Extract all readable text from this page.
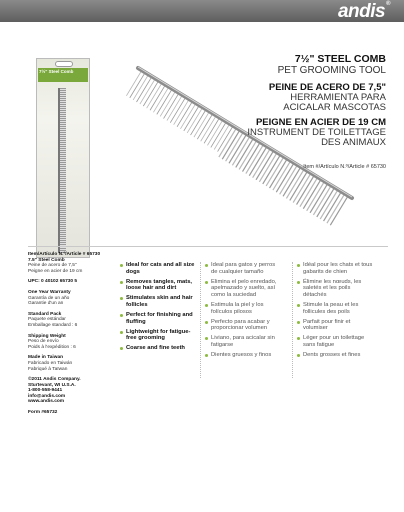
andis®
7½" Steel Comb
7½" STEEL COMB
PET GROOMING TOOL
PEINE DE ACERO DE 7,5"
HERRAMIENTA PARA
ACICALAR MASCOTAS
PEIGNE EN ACIER DE 19 CM
INSTRUMENT DE TOILETTAGE
DES ANIMAUX
Item #/Artículo N.º/Article # 65730
Item/Artículo N.º/Article # 65730
7.5" Steel Comb
Peine de acero de 7,5"
Peigne en acier de 19 cm
UPC: 0 40102 65730 5
One Year Warranty
Garantía de un año
Garantie d'un an
Standard Pack
Paquete estándar
Emballage standard : 6
Shipping Weight
Peso de envío
Poids à l'expédition : 6
Made in Taiwan
Fabricado en Taiwán
Fabriqué à Taïwan
©2011 Andis Company.
Sturtevant, WI U.S.A.
1-800-558-9441
info@andis.com
www.andis.com
Form #65732
Ideal for cats and all size dogs
Removes tangles, mats, loose hair and dirt
Stimulates skin and hair follicles
Perfect for finishing and fluffing
Lightweight for fatigue-free grooming
Coarse and fine teeth
Ideal para gatos y perros de cualquier tamaño
Elimina el pelo enredado, apelmazado y suelto, así como la suciedad
Estimula la piel y los folículos pilosos
Perfecto para acabar y proporcionar volumen
Liviano, para acicalar sin fatigarse
Dientes gruesos y finos
Idéal pour les chats et tous gabarits de chien
Élimine les nœuds, les saletés et les poils détachés
Stimule la peau et les follicules des poils
Parfait pour finir et volumiser
Léger pour un toilettage sans fatigue
Dents grosses et fines
